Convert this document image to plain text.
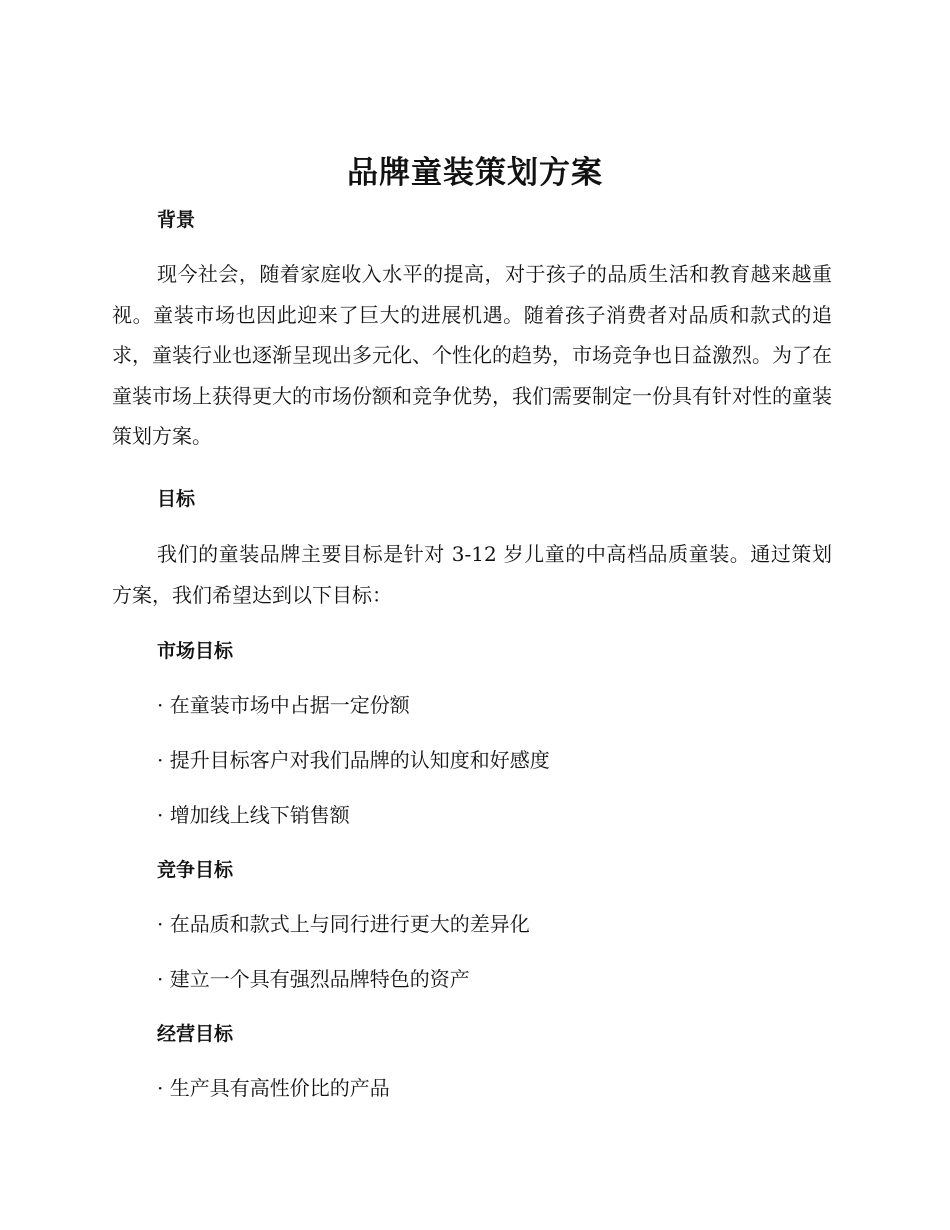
品牌童装策划方案
背景

现今社会，随着家庭收入水平的提高，对于孩子的品质生活和教育越来越重视。童装市场也因此迎来了巨大的进展机遇。随着孩子消费者对品质和款式的追求，童装行业也逐渐呈现出多元化、个性化的趋势，市场竞争也日益激烈。为了在童装市场上获得更大的市场份额和竞争优势，我们需要制定一份具有针对性的童装策划方案。

目标

我们的童装品牌主要目标是针对 3-12 岁儿童的中高档品质童装。通过策划方案，我们希望达到以下目标：

市场目标

· 在童装市场中占据一定份额

· 提升目标客户对我们品牌的认知度和好感度

· 增加线上线下销售额

竞争目标

· 在品质和款式上与同行进行更大的差异化

· 建立一个具有强烈品牌特色的资产

经营目标

· 生产具有高性价比的产品
